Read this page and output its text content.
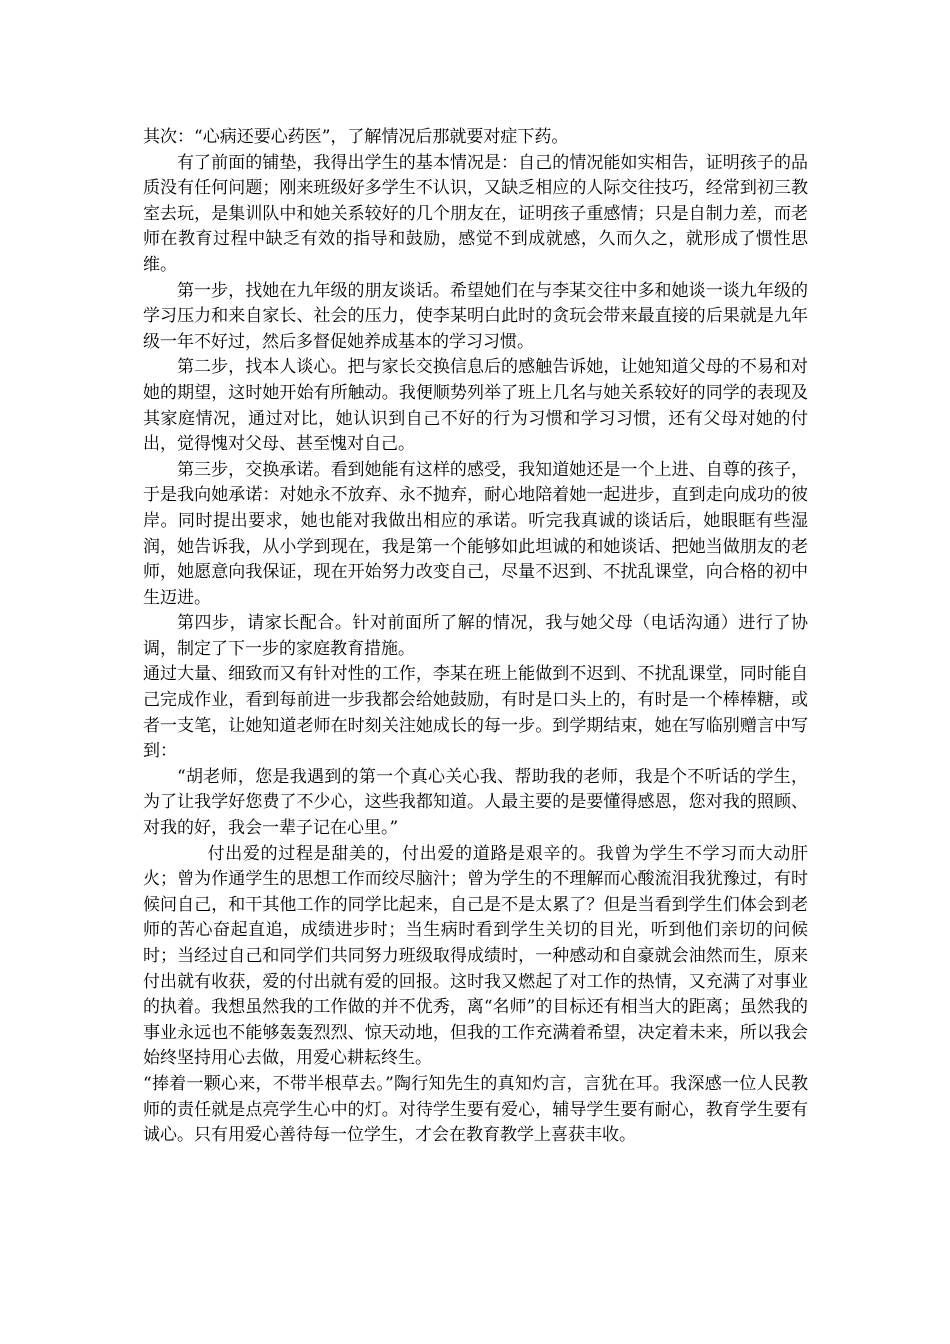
其次：“心病还要心药医”，了解情况后那就要对症下药。

有了前面的铺垫，我得出学生的基本情况是：自己的情况能如实相告，证明孩子的品质没有任何问题；刚来班级好多学生不认识，又缺乏相应的人际交往技巧，经常到初三教室去玩，是集训队中和她关系较好的几个朋友在，证明孩子重感情；只是自制力差，而老师在教育过程中缺乏有效的指导和鼓励，感觉不到成就感，久而久之，就形成了惯性思维。

第一步，找她在九年级的朋友谈话。希望她们在与李某交往中多和她谈一谈九年级的学习压力和来自家长、社会的压力，使李某明白此时的贪玩会带来最直接的后果就是九年级一年不好过，然后多督促她养成基本的学习习惯。

第二步，找本人谈心。把与家长交换信息后的感触告诉她，让她知道父母的不易和对她的期望，这时她开始有所触动。我便顺势列举了班上几名与她关系较好的同学的表现及其家庭情况，通过对比，她认识到自己不好的行为习惯和学习习惯，还有父母对她的付出，觉得愧对父母、甚至愧对自己。

第三步，交换承诺。看到她能有这样的感受，我知道她还是一个上进、自尊的孩子，于是我向她承诺：对她永不放弃、永不抛弃，耐心地陪着她一起进步，直到走向成功的彼岸。同时提出要求，她也能对我做出相应的承诺。听完我真诚的谈话后，她眼眶有些湿润，她告诉我，从小学到现在，我是第一个能够如此坦诚的和她谈话、把她当做朋友的老师，她愿意向我保证，现在开始努力改变自己，尽量不迟到、不扰乱课堂，向合格的初中生迈进。

第四步，请家长配合。针对前面所了解的情况，我与她父母（电话沟通）进行了协调，制定了下一步的家庭教育措施。

通过大量、细致而又有针对性的工作，李某在班上能做到不迟到、不扰乱课堂，同时能自己完成作业，看到每前进一步我都会给她鼓励，有时是口头上的，有时是一个棒棒糖，或者一支笔，让她知道老师在时刻关注她成长的每一步。到学期结束，她在写临别赠言中写到：

“胡老师，您是我遇到的第一个真心关心我、帮助我的老师，我是个不听话的学生，为了让我学好您费了不少心，这些我都知道。人最主要的是要懂得感恩，您对我的照顾、对我的好，我会一辈子记在心里。”

付出爱的过程是甜美的，付出爱的道路是艰辛的。我曾为学生不学习而大动肝火；曾为作通学生的思想工作而绞尽脑汁；曾为学生的不理解而心酸流泪我犹豫过，有时候问自己，和干其他工作的同学比起来，自己是不是太累了？但是当看到学生们体会到老师的苦心奋起直追，成绩进步时；当生病时看到学生关切的目光，听到他们亲切的问候时；当经过自己和同学们共同努力班级取得成绩时，一种感动和自豪就会油然而生，原来付出就有收获，爱的付出就有爱的回报。这时我又燃起了对工作的热情，又充满了对事业的执着。我想虽然我的工作做的并不优秀，离“名师”的目标还有相当大的距离；虽然我的事业永远也不能够轰轰烈烈、惊天动地，但我的工作充满着希望，决定着未来，所以我会始终坚持用心去做，用爱心耕耘终生。

“捧着一颗心来，不带半根草去。”陶行知先生的真知灼言，言犹在耳。我深感一位人民教师的责任就是点亮学生心中的灯。对待学生要有爱心，辅导学生要有耐心，教育学生要有诚心。只有用爱心善待每一位学生，才会在教育教学上喜获丰收。
